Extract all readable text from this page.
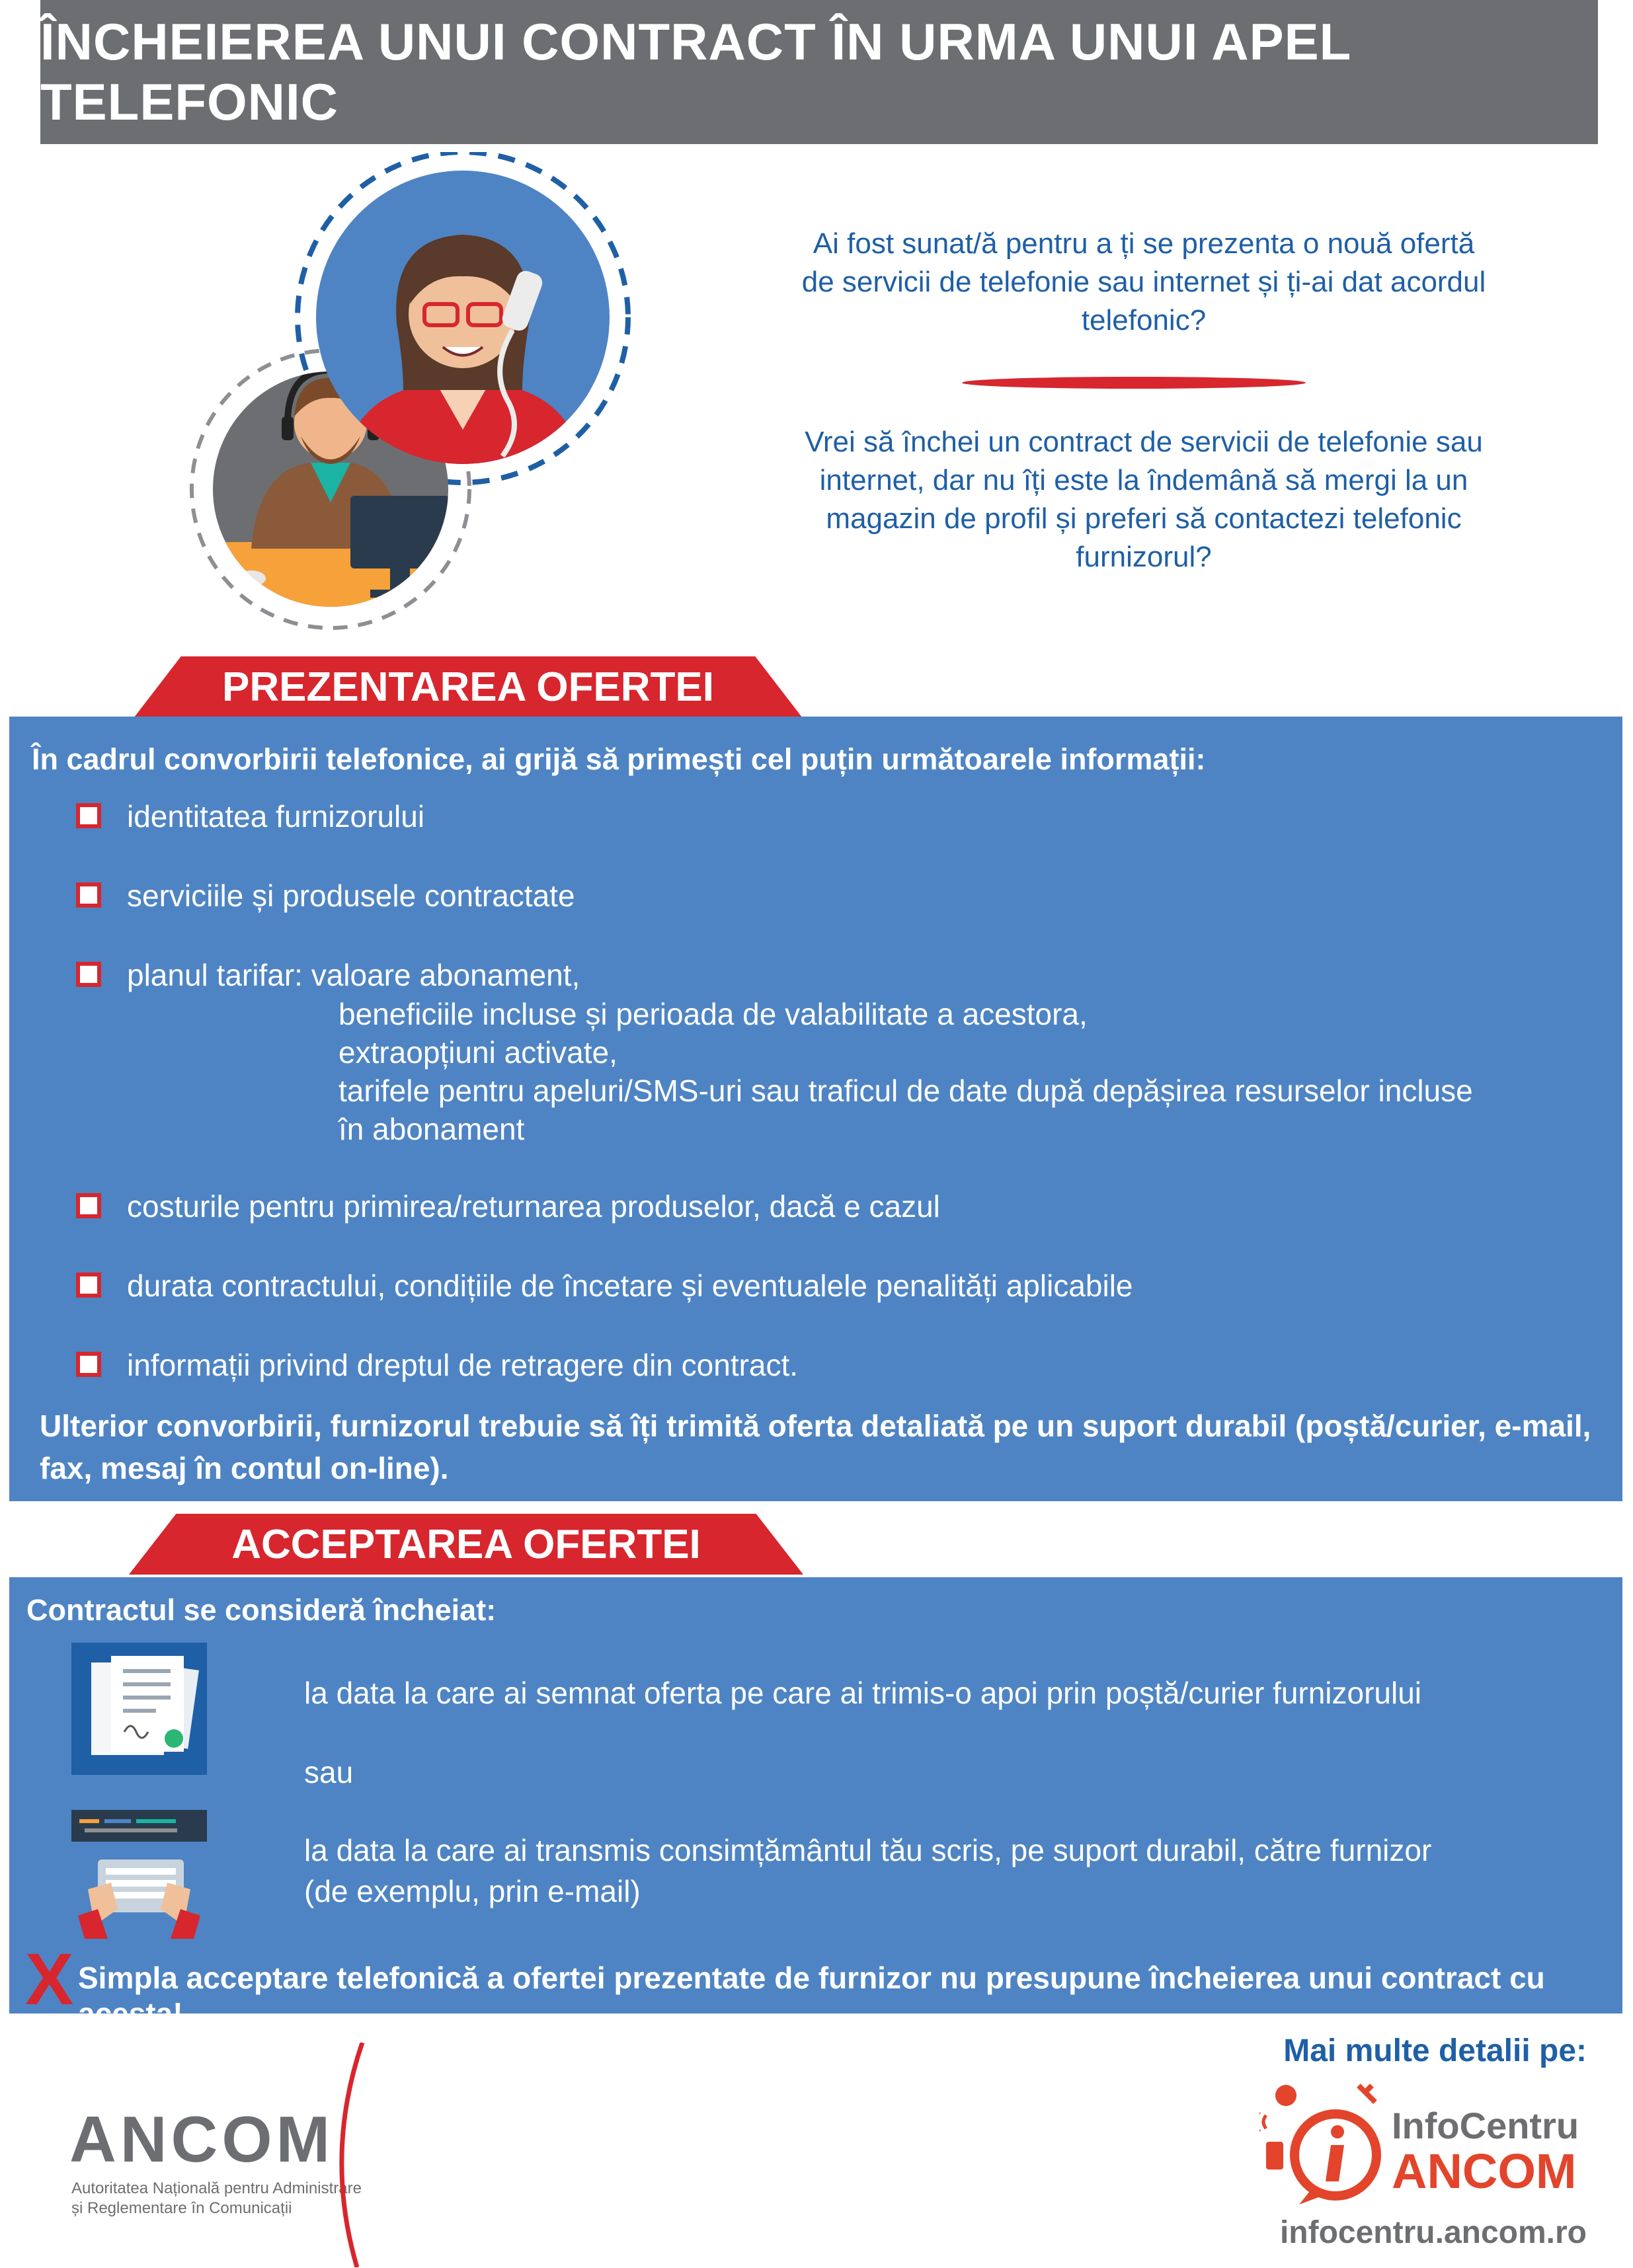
ÎNCHEIEREA UNUI CONTRACT ÎN URMA UNUI APEL TELEFONIC
Ai fost sunat/ă pentru a ți se prezenta o nouă ofertă de servicii de telefonie sau internet și ți-ai dat acordul telefonic?
Vrei să închei un contract de servicii de telefonie sau internet, dar nu îți este la îndemână să mergi la un magazin de profil și preferi să contactezi telefonic furnizorul?
PREZENTAREA OFERTEI
În cadrul convorbirii telefonice, ai grijă să primești cel puțin următoarele informații:
identitatea furnizorului
serviciile și produsele contractate
planul tarifar: valoare abonament,
beneficiile incluse și perioada de valabilitate a acestora,
extraopțiuni activate,
tarifele pentru apeluri/SMS-uri sau traficul de date după depășirea resurselor incluse
în abonament
costurile pentru primirea/returnarea produselor, dacă e cazul
durata contractului, condițiile de încetare și eventualele penalități aplicabile
informații privind dreptul de retragere din contract.
Ulterior convorbirii, furnizorul trebuie să îți trimită oferta detaliată pe un suport durabil (poștă/curier, e-mail, fax, mesaj în contul on-line).
ACCEPTAREA OFERTEI
Contractul se consideră încheiat:
la data la care ai semnat oferta pe care ai trimis-o apoi prin poștă/curier furnizorului
sau
la data la care ai transmis consimțământul tău scris, pe suport durabil, către furnizor
(de exemplu, prin e-mail)
X Simpla acceptare telefonică a ofertei prezentate de furnizor nu presupune încheierea unui contract cu acesta!
ANCOM
Autoritatea Națională pentru Administrare
și Reglementare în Comunicații
Mai multe detalii pe:
InfoCentru
ANCOM
infocentru.ancom.ro
